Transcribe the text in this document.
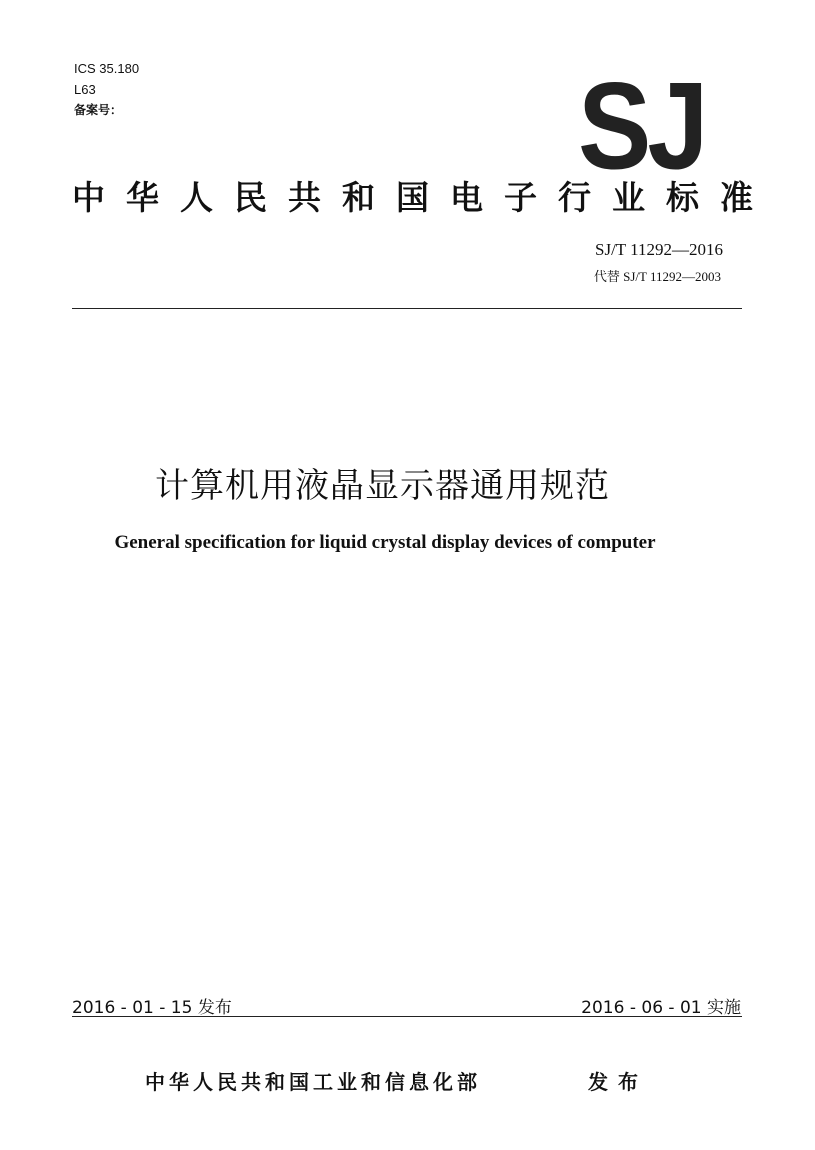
ICS 35.180
L63
备案号：	SJ
中华人民共和国电子行业标准
SJ/T 11292—2016
代替 SJ/T 11292—2003
计算机用液晶显示器通用规范
General specification for liquid crystal display devices of computer
2016 - 01 - 15 发布	2016 - 06 - 01 实施
中华人民共和国工业和信息化部	发布
